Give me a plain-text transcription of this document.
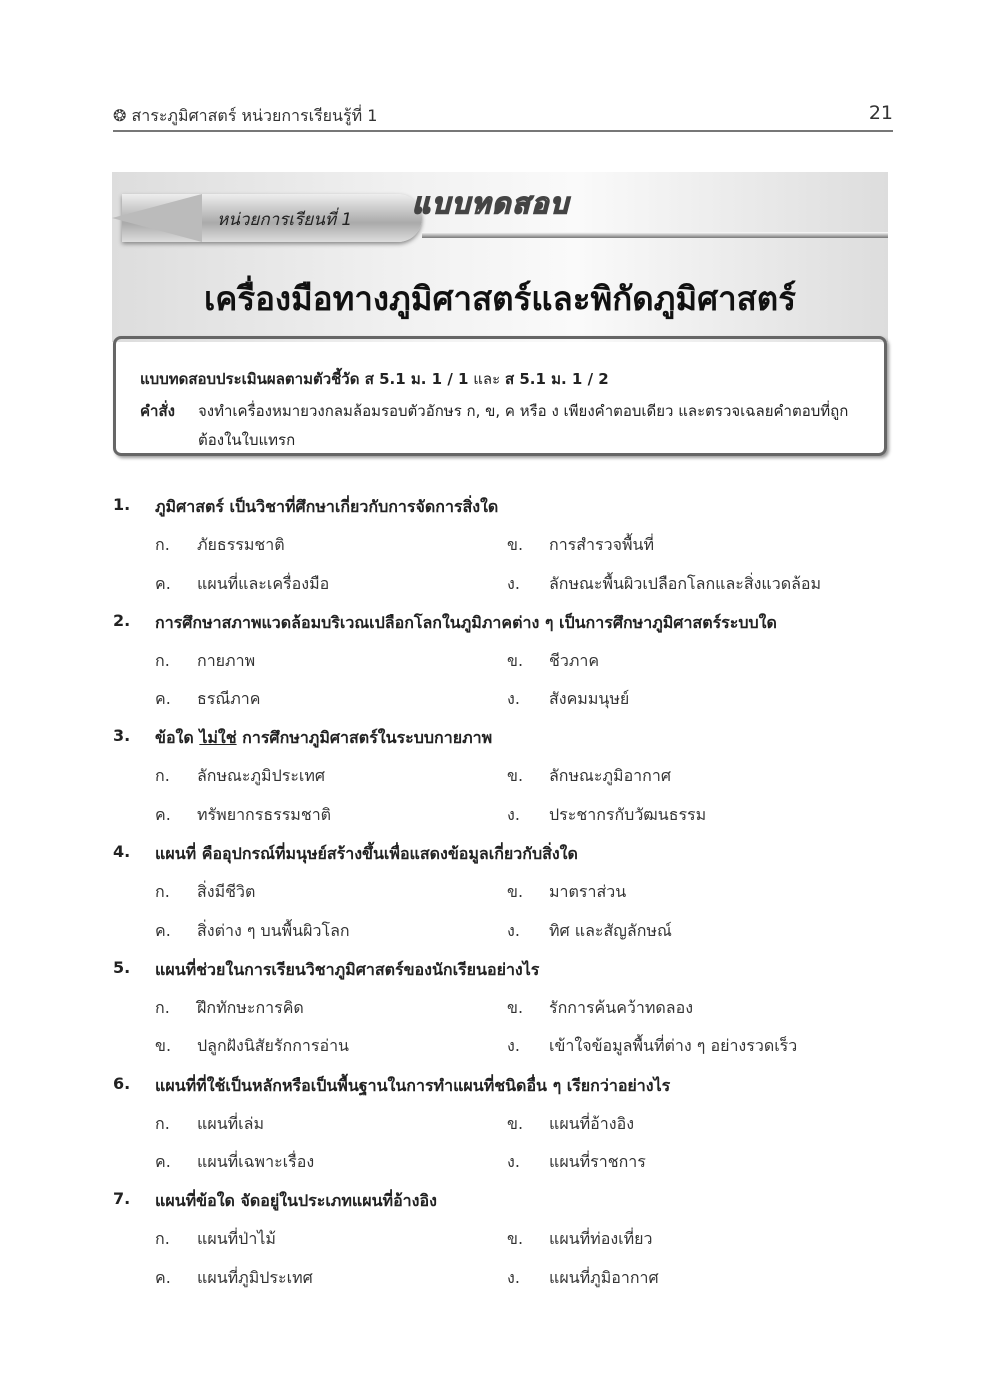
❂ สาระภูมิศาสตร์ หน่วยการเรียนรู้ที่ 1	21
หน่วยการเรียนที่ 1 แบบทดสอบ
เครื่องมือทางภูมิศาสตร์และพิกัดภูมิศาสตร์
แบบทดสอบประเมินผลตามตัวชี้วัด ส 5.1 ม. 1 / 1 และ ส 5.1 ม. 1 / 2
คำสั่ง	จงทำเครื่องหมายวงกลมล้อมรอบตัวอักษร ก, ข, ค หรือ ง เพียงคำตอบเดียว และตรวจเฉลยคำตอบที่ถูกต้องในใบแทรก
1. ภูมิศาสตร์ เป็นวิชาที่ศึกษาเกี่ยวกับการจัดการสิ่งใด
ก. ภัยธรรมชาติ	ข. การสำรวจพื้นที่
ค. แผนที่และเครื่องมือ	ง. ลักษณะพื้นผิวเปลือกโลกและสิ่งแวดล้อม
2. การศึกษาสภาพแวดล้อมบริเวณเปลือกโลกในภูมิภาคต่าง ๆ เป็นการศึกษาภูมิศาสตร์ระบบใด
ก. กายภาพ	ข. ชีวภาค
ค. ธรณีภาค	ง. สังคมมนุษย์
3. ข้อใด ไม่ใช่ การศึกษาภูมิศาสตร์ในระบบกายภาพ
ก. ลักษณะภูมิประเทศ	ข. ลักษณะภูมิอากาศ
ค. ทรัพยากรธรรมชาติ	ง. ประชากรกับวัฒนธรรม
4. แผนที่ คืออุปกรณ์ที่มนุษย์สร้างขึ้นเพื่อแสดงข้อมูลเกี่ยวกับสิ่งใด
ก. สิ่งมีชีวิต	ข. มาตราส่วน
ค. สิ่งต่าง ๆ บนพื้นผิวโลก	ง. ทิศ และสัญลักษณ์
5. แผนที่ช่วยในการเรียนวิชาภูมิศาสตร์ของนักเรียนอย่างไร
ก. ฝึกทักษะการคิด	ข. รักการค้นคว้าทดลอง
ข. ปลูกฝังนิสัยรักการอ่าน	ง. เข้าใจข้อมูลพื้นที่ต่าง ๆ อย่างรวดเร็ว
6. แผนที่ที่ใช้เป็นหลักหรือเป็นพื้นฐานในการทำแผนที่ชนิดอื่น ๆ เรียกว่าอย่างไร
ก. แผนที่เล่ม	ข. แผนที่อ้างอิง
ค. แผนที่เฉพาะเรื่อง	ง. แผนที่ราชการ
7. แผนที่ข้อใด จัดอยู่ในประเภทแผนที่อ้างอิง
ก. แผนที่ป่าไม้	ข. แผนที่ท่องเที่ยว
ค. แผนที่ภูมิประเทศ	ง. แผนที่ภูมิอากาศ
